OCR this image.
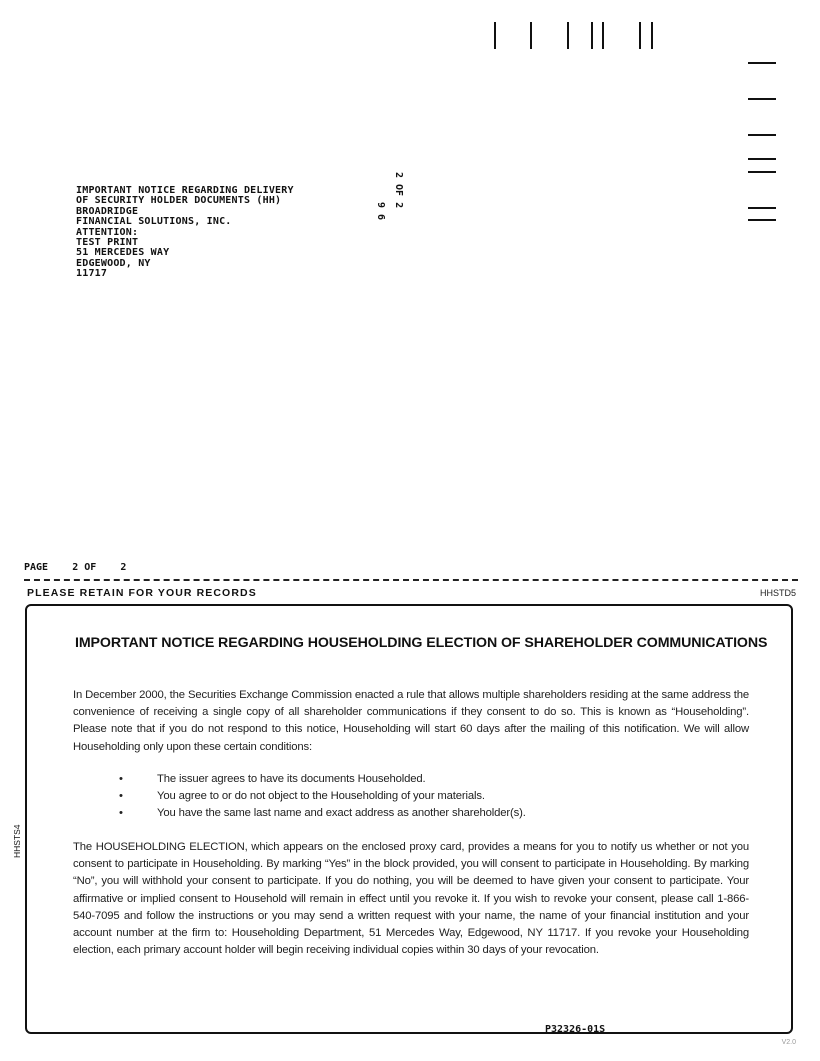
IMPORTANT NOTICE REGARDING DELIVERY
OF SECURITY HOLDER DOCUMENTS (HH)
BROADRIDGE
FINANCIAL SOLUTIONS, INC.
ATTENTION:
TEST PRINT
51 MERCEDES WAY
EDGEWOOD, NY
11717
2 OF 2
9 6
PAGE 2 OF 2
PLEASE RETAIN FOR YOUR RECORDS	HHSTD5
HHSTS4
IMPORTANT NOTICE REGARDING HOUSEHOLDING ELECTION OF SHAREHOLDER COMMUNICATIONS
In December 2000, the Securities Exchange Commission enacted a rule that allows multiple shareholders residing at the same address the convenience of receiving a single copy of all shareholder communications if they consent to do so. This is known as “Householding”. Please note that if you do not respond to this notice, Householding will start 60 days after the mailing of this notification. We will allow Householding only upon these certain conditions:
•	The issuer agrees to have its documents Householded.
•	You agree to or do not object to the Householding of your materials.
•	You have the same last name and exact address as another shareholder(s).
The HOUSEHOLDING ELECTION, which appears on the enclosed proxy card, provides a means for you to notify us whether or not you consent to participate in Householding. By marking “Yes” in the block provided, you will consent to participate in Householding. By marking “No”, you will withhold your consent to participate. If you do nothing, you will be deemed to have given your consent to participate. Your affirmative or implied consent to Household will remain in effect until you revoke it. If you wish to revoke your consent, please call 1-866-540-7095 and follow the instructions or you may send a written request with your name, the name of your financial institution and your account number at the firm to: Householding Department, 51 Mercedes Way, Edgewood, NY 11717. If you revoke your Householding election, each primary account holder will begin receiving individual copies within 30 days of your revocation.
P32326-01S
V2.0
